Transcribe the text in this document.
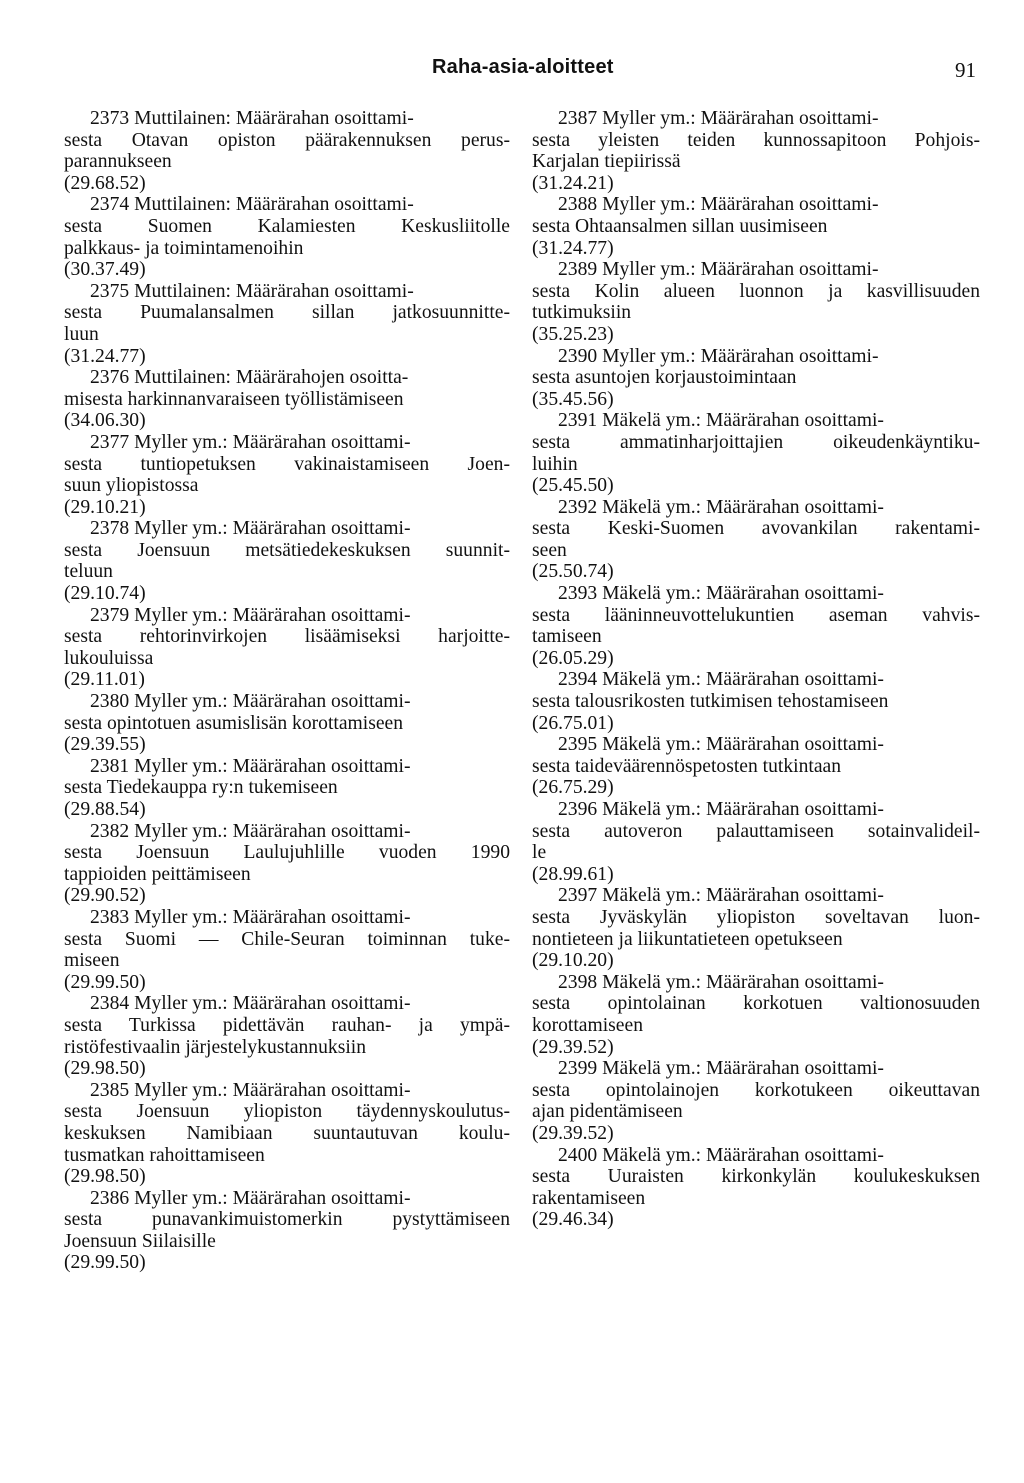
Raha-asia-aloitteet	91
2373 Muttilainen: Määrärahan osoittami-
sesta Otavan opiston päärakennuksen perus-
parannukseen
(29.68.52)
2374 Muttilainen: Määrärahan osoittami-
sesta Suomen Kalamiesten Keskusliitolle
palkkaus- ja toimintamenoihin
(30.37.49)
2375 Muttilainen: Määrärahan osoittami-
sesta Puumalansalmen sillan jatkosuunnitte-
luun
(31.24.77)
2376 Muttilainen: Määrärahojen osoitta-
misesta harkinnanvaraiseen työllistämiseen
(34.06.30)
2377 Myller ym.: Määrärahan osoittami-
sesta tuntiopetuksen vakinaistamiseen Joen-
suun yliopistossa
(29.10.21)
2378 Myller ym.: Määrärahan osoittami-
sesta Joensuun metsätiedekeskuksen suunnit-
teluun
(29.10.74)
2379 Myller ym.: Määrärahan osoittami-
sesta rehtorinvirkojen lisäämiseksi harjoitte-
lukouluissa
(29.11.01)
2380 Myller ym.: Määrärahan osoittami-
sesta opintotuen asumislisän korottamiseen
(29.39.55)
2381 Myller ym.: Määrärahan osoittami-
sesta Tiedekauppa ry:n tukemiseen
(29.88.54)
2382 Myller ym.: Määrärahan osoittami-
sesta Joensuun Laulujuhlille vuoden 1990
tappioiden peittämiseen
(29.90.52)
2383 Myller ym.: Määrärahan osoittami-
sesta Suomi — Chile-Seuran toiminnan tuke-
miseen
(29.99.50)
2384 Myller ym.: Määrärahan osoittami-
sesta Turkissa pidettävän rauhan- ja ympä-
ristöfestivaalin järjestelykustannuksiin
(29.98.50)
2385 Myller ym.: Määrärahan osoittami-
sesta Joensuun yliopiston täydennyskoulutus-
keskuksen Namibiaan suuntautuvan koulu-
tusmatkan rahoittamiseen
(29.98.50)
2386 Myller ym.: Määrärahan osoittami-
sesta punavankimuistomerkin pystyttämiseen
Joensuun Siilaisille
(29.99.50)
2387 Myller ym.: Määrärahan osoittami-
sesta yleisten teiden kunnossapitoon Pohjois-
Karjalan tiepiirissä
(31.24.21)
2388 Myller ym.: Määrärahan osoittami-
sesta Ohtaansalmen sillan uusimiseen
(31.24.77)
2389 Myller ym.: Määrärahan osoittami-
sesta Kolin alueen luonnon ja kasvillisuuden
tutkimuksiin
(35.25.23)
2390 Myller ym.: Määrärahan osoittami-
sesta asuntojen korjaustoimintaan
(35.45.56)
2391 Mäkelä ym.: Määrärahan osoittami-
sesta ammatinharjoittajien oikeudenkäyntiku-
luihin
(25.45.50)
2392 Mäkelä ym.: Määrärahan osoittami-
sesta Keski-Suomen avovankilan rakentami-
seen
(25.50.74)
2393 Mäkelä ym.: Määrärahan osoittami-
sesta lääninneuvottelukuntien aseman vahvis-
tamiseen
(26.05.29)
2394 Mäkelä ym.: Määrärahan osoittami-
sesta talousrikosten tutkimisen tehostamiseen
(26.75.01)
2395 Mäkelä ym.: Määrärahan osoittami-
sesta taideväärennöspetosten tutkintaan
(26.75.29)
2396 Mäkelä ym.: Määrärahan osoittami-
sesta autoveron palauttamiseen sotainvalideil-
le
(28.99.61)
2397 Mäkelä ym.: Määrärahan osoittami-
sesta Jyväskylän yliopiston soveltavan luon-
nontieteen ja liikuntatieteen opetukseen
(29.10.20)
2398 Mäkelä ym.: Määrärahan osoittami-
sesta opintolainan korkotuen valtionosuuden
korottamiseen
(29.39.52)
2399 Mäkelä ym.: Määrärahan osoittami-
sesta opintolainojen korkotukeen oikeuttavan
ajan pidentämiseen
(29.39.52)
2400 Mäkelä ym.: Määrärahan osoittami-
sesta Uuraisten kirkonkylän koulukeskuksen
rakentamiseen
(29.46.34)
